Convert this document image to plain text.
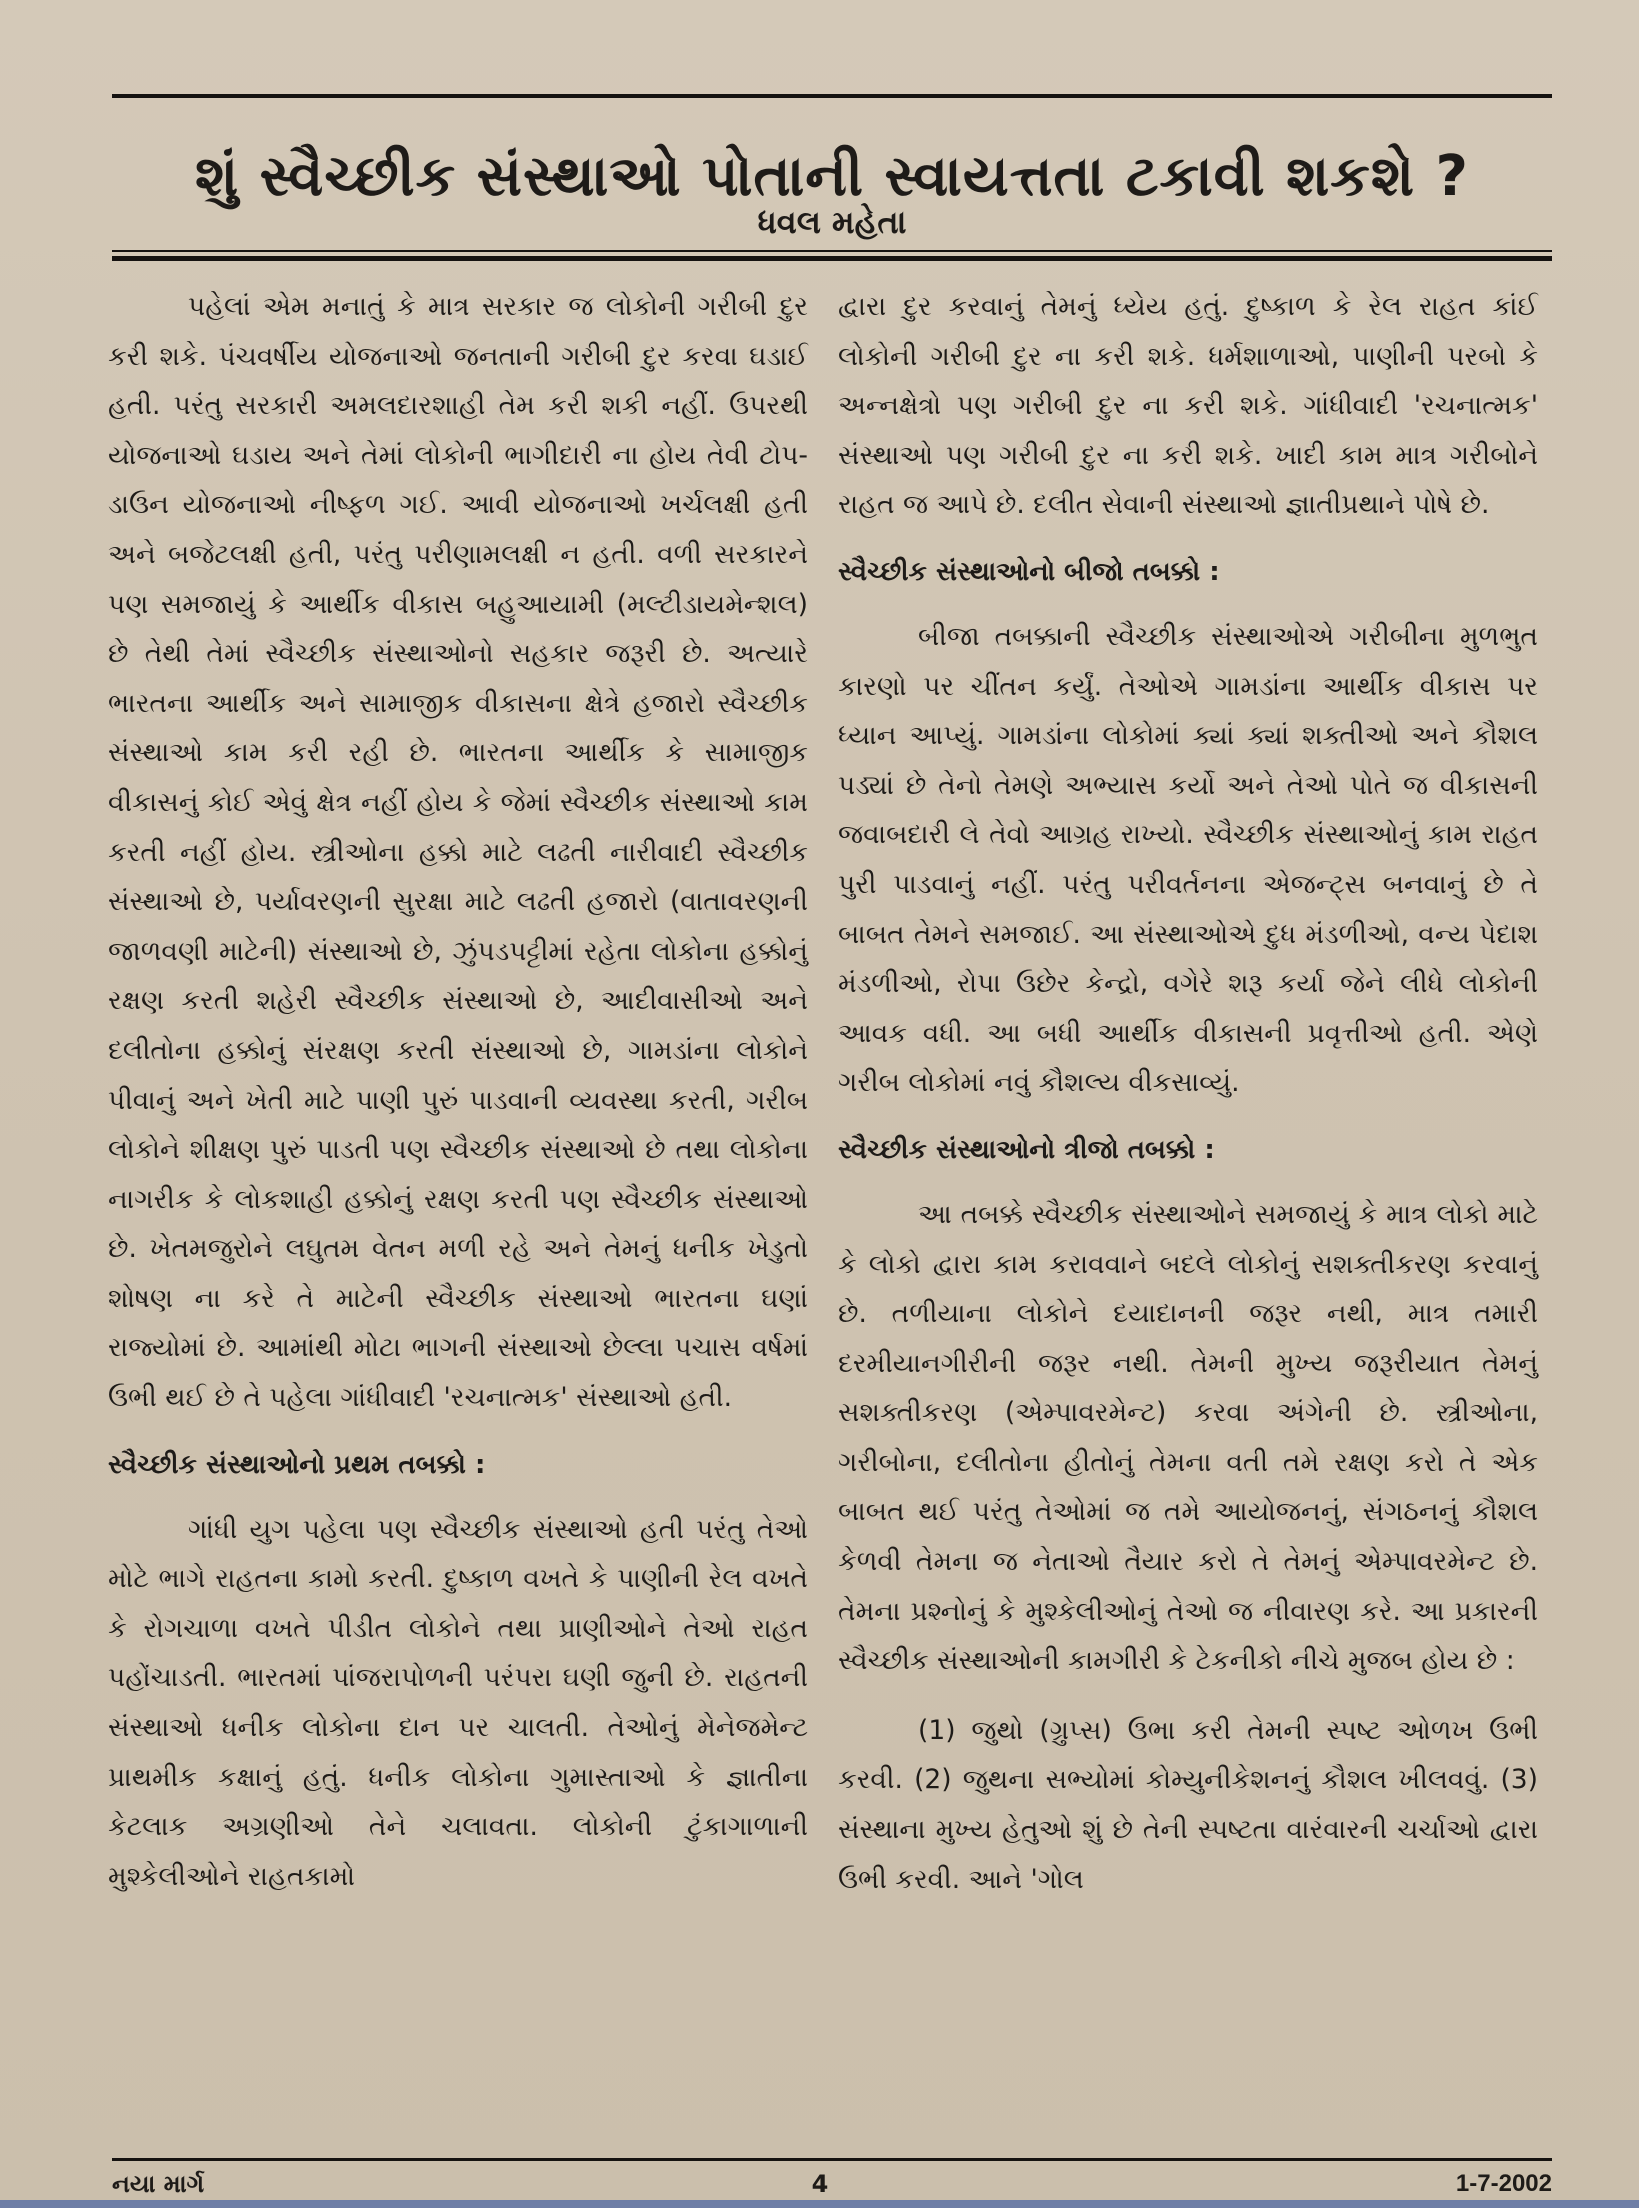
શું સ્વૈચ્છીક સંસ્થાઓ પોતાની સ્વાયત્તતા ટકાવી શકશે ?
ધવલ મહેતા

પહેલાં એમ મનાતું કે માત્ર સરકાર જ લોકોની ગરીબી દુર કરી શકે. પંચવર્ષીય યોજનાઓ જનતાની ગરીબી દુર કરવા ઘડાઈ હતી. પરંતુ સરકારી અમલદારશાહી તેમ કરી શકી નહીં. ઉપરથી યોજનાઓ ઘડાય અને તેમાં લોકોની ભાગીદારી ના હોય તેવી ટોપ-ડાઉન યોજનાઓ નીષ્ફળ ગઈ. આવી યોજનાઓ ખર્ચલક્ષી હતી અને બજેટલક્ષી હતી, પરંતુ પરીણામલક્ષી ન હતી. વળી સરકારને પણ સમજાયું કે આર્થીક વીકાસ બહુઆયામી (મલ્ટીડાયમેન્શલ) છે તેથી તેમાં સ્વૈચ્છીક સંસ્થાઓનો સહકાર જરૂરી છે. અત્યારે ભારતના આર્થીક અને સામાજીક વીકાસના ક્ષેત્રે હજારો સ્વૈચ્છીક સંસ્થાઓ કામ કરી રહી છે. ભારતના આર્થીક કે સામાજીક વીકાસનું કોઈ એવું ક્ષેત્ર નહીં હોય કે જેમાં સ્વૈચ્છીક સંસ્થાઓ કામ કરતી નહીં હોય. સ્ત્રીઓના હક્કો માટે લઢતી નારીવાદી સ્વૈચ્છીક સંસ્થાઓ છે, પર્યાવરણની સુરક્ષા માટે લઢતી હજારો (વાતાવરણની જાળવણી માટેની) સંસ્થાઓ છે, ઝુંપડપટ્ટીમાં રહેતા લોકોના હક્કોનું રક્ષણ કરતી શહેરી સ્વૈચ્છીક સંસ્થાઓ છે, આદીવાસીઓ અને દલીતોના હક્કોનું સંરક્ષણ કરતી સંસ્થાઓ છે, ગામડાંના લોકોને પીવાનું અને ખેતી માટે પાણી પુરું પાડવાની વ્યવસ્થા કરતી, ગરીબ લોકોને શીક્ષણ પુરું પાડતી પણ સ્વૈચ્છીક સંસ્થાઓ છે તથા લોકોના નાગરીક કે લોકશાહી હક્કોનું રક્ષણ કરતી પણ સ્વૈચ્છીક સંસ્થાઓ છે. ખેતમજુરોને લઘુતમ વેતન મળી રહે અને તેમનું ધનીક ખેડુતો શોષણ ના કરે તે માટેની સ્વૈચ્છીક સંસ્થાઓ ભારતના ઘણાં રાજ્યોમાં છે. આમાંથી મોટા ભાગની સંસ્થાઓ છેલ્લા પચાસ વર્ષમાં ઉભી થઈ છે તે પહેલા ગાંધીવાદી 'રચનાત્મક' સંસ્થાઓ હતી.

સ્વૈચ્છીક સંસ્થાઓનો પ્રથમ તબક્કો :

ગાંધી યુગ પહેલા પણ સ્વૈચ્છીક સંસ્થાઓ હતી પરંતુ તેઓ મોટે ભાગે રાહતના કામો કરતી. દુષ્કાળ વખતે કે પાણીની રેલ વખતે કે રોગચાળા વખતે પીડીત લોકોને તથા પ્રાણીઓને તેઓ રાહત પહોંચાડતી. ભારતમાં પાંજરાપોળની પરંપરા ઘણી જુની છે. રાહતની સંસ્થાઓ ધનીક લોકોના દાન પર ચાલતી. તેઓનું મેનેજમેન્ટ પ્રાથમીક કક્ષાનું હતું. ધનીક લોકોના ગુમાસ્તાઓ કે જ્ઞાતીના કેટલાક અગ્રણીઓ તેને ચલાવતા. લોકોની ટુંકાગાળાની મુશ્કેલીઓને રાહતકામો

દ્વારા દુર કરવાનું તેમનું ધ્યેય હતું. દુષ્કાળ કે રેલ રાહત કાંઈ લોકોની ગરીબી દુર ના કરી શકે. ધર્મશાળાઓ, પાણીની પરબો કે અન્નક્ષેત્રો પણ ગરીબી દુર ના કરી શકે. ગાંધીવાદી 'રચનાત્મક' સંસ્થાઓ પણ ગરીબી દુર ના કરી શકે. ખાદી કામ માત્ર ગરીબોને રાહત જ આપે છે. દલીત સેવાની સંસ્થાઓ જ્ઞાતીપ્રથાને પોષે છે.

સ્વૈચ્છીક સંસ્થાઓનો બીજો તબક્કો :

બીજા તબક્કાની સ્વૈચ્છીક સંસ્થાઓએ ગરીબીના મુળભુત કારણો પર ચીંતન કર્યું. તેઓએ ગામડાંના આર્થીક વીકાસ પર ધ્યાન આપ્યું. ગામડાંના લોકોમાં ક્યાં ક્યાં શક્તીઓ અને કૌશલ પડ્યાં છે તેનો તેમણે અભ્યાસ કર્યો અને તેઓ પોતે જ વીકાસની જવાબદારી લે તેવો આગ્રહ રાખ્યો. સ્વૈચ્છીક સંસ્થાઓનું કામ રાહત પુરી પાડવાનું નહીં. પરંતુ પરીવર્તનના એજન્ટ્સ બનવાનું છે તે બાબત તેમને સમજાઈ. આ સંસ્થાઓએ દુધ મંડળીઓ, વન્ય પેદાશ મંડળીઓ, રોપા ઉછેર કેન્દ્રો, વગેરે શરૂ કર્યા જેને લીધે લોકોની આવક વધી. આ બધી આર્થીક વીકાસની પ્રવૃત્તીઓ હતી. એણે ગરીબ લોકોમાં નવું કૌશલ્ય વીકસાવ્યું.

સ્વૈચ્છીક સંસ્થાઓનો ત્રીજો તબક્કો :

આ તબક્કે સ્વૈચ્છીક સંસ્થાઓને સમજાયું કે માત્ર લોકો માટે કે લોકો દ્વારા કામ કરાવવાને બદલે લોકોનું સશક્તીકરણ કરવાનું છે. તળીયાના લોકોને દયાદાનની જરૂર નથી, માત્ર તમારી દરમીયાનગીરીની જરૂર નથી. તેમની મુખ્ય જરૂરીયાત તેમનું સશક્તીકરણ (એમ્પાવરમેન્ટ) કરવા અંગેની છે. સ્ત્રીઓના, ગરીબોના, દલીતોના હીતોનું તેમના વતી તમે રક્ષણ કરો તે એક બાબત થઈ પરંતુ તેઓમાં જ તમે આયોજનનું, સંગઠનનું કૌશલ કેળવી તેમના જ નેતાઓ તૈયાર કરો તે તેમનું એમ્પાવરમેન્ટ છે. તેમના પ્રશ્નોનું કે મુશ્કેલીઓનું તેઓ જ નીવારણ કરે. આ પ્રકારની સ્વૈચ્છીક સંસ્થાઓની કામગીરી કે ટેકનીકો નીચે મુજબ હોય છે :

(1) જુથો (ગ્રુપ્સ) ઉભા કરી તેમની સ્પષ્ટ ઓળખ ઉભી કરવી. (2) જુથના સભ્યોમાં કોમ્યુનીકેશનનું કૌશલ ખીલવવું. (3) સંસ્થાના મુખ્ય હેતુઓ શું છે તેની સ્પષ્ટતા વારંવારની ચર્ચાઓ દ્વારા ઉભી કરવી. આને 'ગોલ

નયા માર્ગ	4	1-7-2002
